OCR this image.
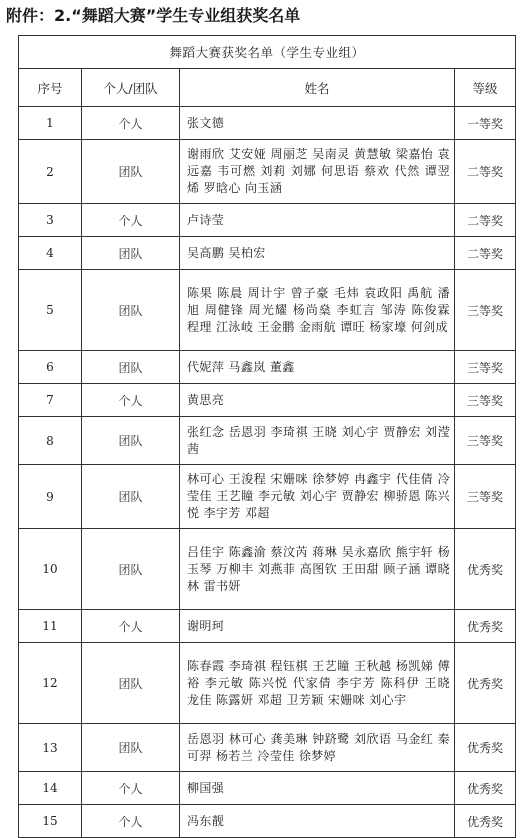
附件：2.“舞蹈大赛”学生专业组获奖名单
舞蹈大赛获奖名单（学生专业组）			
序号	个人/团队	姓名	等级
1	个人	张文德	一等奖
2	团队	谢雨欣 艾安娅 周丽芝 吴南灵 黄慧敏 梁嘉怡 袁远嘉 韦可燃 刘莉 刘娜 何思语 蔡欢 代然 谭翌烯 罗晗心 向玉涵	二等奖
3	个人	卢诗莹	二等奖
4	团队	吴高鹏 吴柏宏	二等奖
5	团队	陈果 陈晨 周计宇 曾子豪 毛炜 袁政阳 禹航 潘旭 周健锋 周光耀 杨尚燊 李虹言 邹涛 陈俊霖 程理 江泳岐 王金鹏 金雨航 谭旺 杨家壕 何剑成	三等奖
6	团队	代妮萍 马鑫岚 董鑫	三等奖
7	个人	黄思亮	三等奖
8	团队	张红念 岳恩羽 李琦祺 王晓 刘心宇 贾静宏 刘滢茜	三等奖
9	团队	林可心 王浚程 宋姗咪 徐梦婷 冉鑫宇 代佳倩 冷莹佳 王艺瞳 李元敏 刘心宇 贾静宏 柳骄恩 陈兴悦 李宇芳 邓超	三等奖
10	团队	吕佳宇 陈鑫渝 蔡汶芮 蒋琳 吴永嘉欣 熊宇轩 杨玉琴 万柳丰 刘燕菲 高图钦 王田甜 顾子涵 谭晓林 雷书妍	优秀奖
11	个人	谢明珂	优秀奖
12	团队	陈春霞 李琦祺 程钰棋 王艺瞳 王秋越 杨凯娣 傅裕 李元敏 陈兴悦 代家倩 李宇芳 陈科伊 王晓 龙佳 陈露妍 邓超 卫芳颖 宋姗咪 刘心宇	优秀奖
13	团队	岳恩羽 林可心 龚美琳 钟跻鹭 刘欣语 马金红 秦可羿 杨若兰 冷莹佳 徐梦婷	优秀奖
14	个人	柳国强	优秀奖
15	个人	冯东靓	优秀奖
